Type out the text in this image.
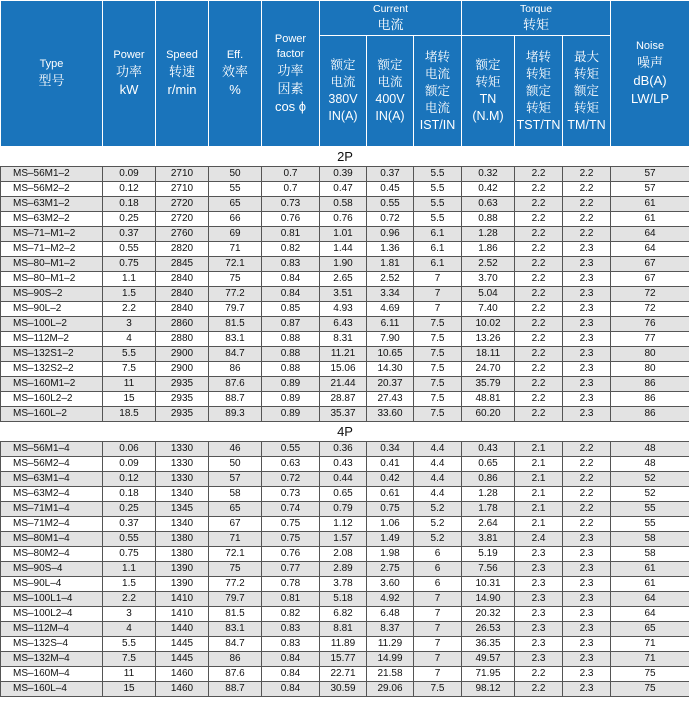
Type
型号	Power
功率
kW	Speed
转速
r/min	Eff.
效率
%	Power
factor
功率
因素
cos ϕ	Current
电流			Torque
转矩			Noise
噪声
dB(A)
LW/LP
					额定
电流
380V
IN(A)	额定
电流
400V
IN(A)	堵转
电流
额定
电流
IST/IN	额定
转矩
TN
(N.M)	堵转
转矩
额定
转矩
TST/TN	最大
转矩
额定
转矩
TM/TN	
2P											
MS–56M1–2	0.09	2710	50	0.7	0.39	0.37	5.5	0.32	2.2	2.2	57
MS–56M2–2	0.12	2710	55	0.7	0.47	0.45	5.5	0.42	2.2	2.2	57
MS–63M1–2	0.18	2720	65	0.73	0.58	0.55	5.5	0.63	2.2	2.2	61
MS–63M2–2	0.25	2720	66	0.76	0.76	0.72	5.5	0.88	2.2	2.2	61
MS–71–M1–2	0.37	2760	69	0.81	1.01	0.96	6.1	1.28	2.2	2.2	64
MS–71–M2–2	0.55	2820	71	0.82	1.44	1.36	6.1	1.86	2.2	2.3	64
MS–80–M1–2	0.75	2845	72.1	0.83	1.90	1.81	6.1	2.52	2.2	2.3	67
MS–80–M1–2	1.1	2840	75	0.84	2.65	2.52	7	3.70	2.2	2.3	67
MS–90S–2	1.5	2840	77.2	0.84	3.51	3.34	7	5.04	2.2	2.3	72
MS–90L–2	2.2	2840	79.7	0.85	4.93	4.69	7	7.40	2.2	2.3	72
MS–100L–2	3	2860	81.5	0.87	6.43	6.11	7.5	10.02	2.2	2.3	76
MS–112M–2	4	2880	83.1	0.88	8.31	7.90	7.5	13.26	2.2	2.3	77
MS–132S1–2	5.5	2900	84.7	0.88	11.21	10.65	7.5	18.11	2.2	2.3	80
MS–132S2–2	7.5	2900	86	0.88	15.06	14.30	7.5	24.70	2.2	2.3	80
MS–160M1–2	11	2935	87.6	0.89	21.44	20.37	7.5	35.79	2.2	2.3	86
MS–160L2–2	15	2935	88.7	0.89	28.87	27.43	7.5	48.81	2.2	2.3	86
MS–160L–2	18.5	2935	89.3	0.89	35.37	33.60	7.5	60.20	2.2	2.3	86
4P											
MS–56M1–4	0.06	1330	46	0.55	0.36	0.34	4.4	0.43	2.1	2.2	48
MS–56M2–4	0.09	1330	50	0.63	0.43	0.41	4.4	0.65	2.1	2.2	48
MS–63M1–4	0.12	1330	57	0.72	0.44	0.42	4.4	0.86	2.1	2.2	52
MS–63M2–4	0.18	1340	58	0.73	0.65	0.61	4.4	1.28	2.1	2.2	52
MS–71M1–4	0.25	1345	65	0.74	0.79	0.75	5.2	1.78	2.1	2.2	55
MS–71M2–4	0.37	1340	67	0.75	1.12	1.06	5.2	2.64	2.1	2.2	55
MS–80M1–4	0.55	1380	71	0.75	1.57	1.49	5.2	3.81	2.4	2.3	58
MS–80M2–4	0.75	1380	72.1	0.76	2.08	1.98	6	5.19	2.3	2.3	58
MS–90S–4	1.1	1390	75	0.77	2.89	2.75	6	7.56	2.3	2.3	61
MS–90L–4	1.5	1390	77.2	0.78	3.78	3.60	6	10.31	2.3	2.3	61
MS–100L1–4	2.2	1410	79.7	0.81	5.18	4.92	7	14.90	2.3	2.3	64
MS–100L2–4	3	1410	81.5	0.82	6.82	6.48	7	20.32	2.3	2.3	64
MS–112M–4	4	1440	83.1	0.83	8.81	8.37	7	26.53	2.3	2.3	65
MS–132S–4	5.5	1445	84.7	0.83	11.89	11.29	7	36.35	2.3	2.3	71
MS–132M–4	7.5	1445	86	0.84	15.77	14.99	7	49.57	2.3	2.3	71
MS–160M–4	11	1460	87.6	0.84	22.71	21.58	7	71.95	2.2	2.3	75
MS–160L–4	15	1460	88.7	0.84	30.59	29.06	7.5	98.12	2.2	2.3	75
